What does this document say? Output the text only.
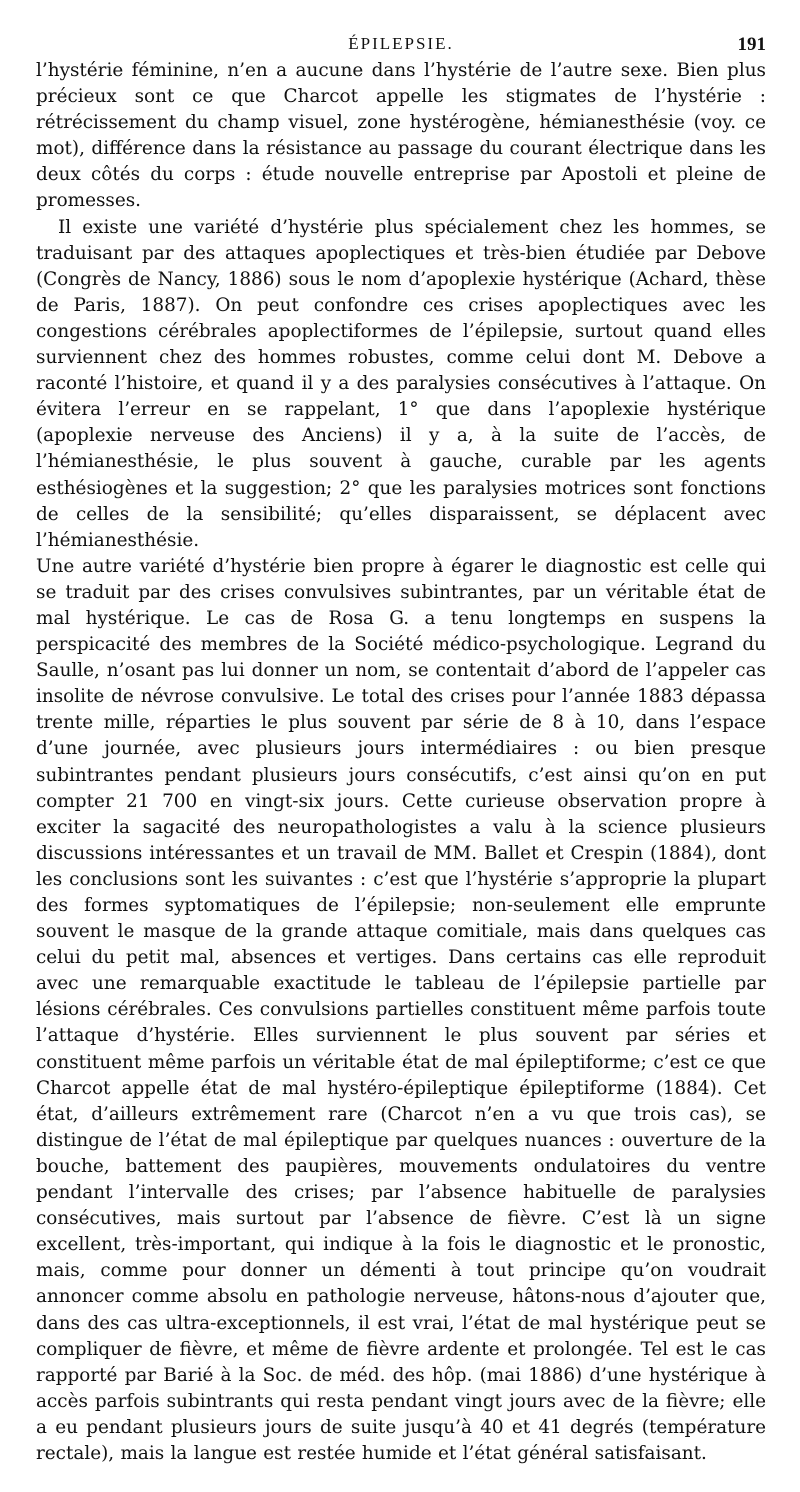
ÉPILEPSIE.	191

l’hystérie féminine, n’en a aucune dans l’hystérie de l’autre sexe. Bien plus précieux sont ce que Charcot appelle les stigmates de l’hystérie : rétrécissement du champ visuel, zone hystérogène, hémianesthésie (voy. ce mot), différence dans la résistance au passage du courant électrique dans les deux côtés du corps : étude nouvelle entreprise par Apostoli et pleine de promesses.

Il existe une variété d’hystérie plus spécialement chez les hommes, se traduisant par des attaques apoplectiques et très-bien étudiée par Debove (Congrès de Nancy, 1886) sous le nom d’apoplexie hystérique (Achard, thèse de Paris, 1887). On peut confondre ces crises apoplectiques avec les congestions cérébrales apoplectiformes de l’épilepsie, surtout quand elles surviennent chez des hommes robustes, comme celui dont M. Debove a raconté l’histoire, et quand il y a des paralysies consécutives à l’attaque. On évitera l’erreur en se rappelant, 1° que dans l’apoplexie hystérique (apoplexie nerveuse des Anciens) il y a, à la suite de l’accès, de l’hémianesthésie, le plus souvent à gauche, curable par les agents esthésiogènes et la suggestion; 2° que les paralysies motrices sont fonctions de celles de la sensibilité; qu’elles disparaissent, se déplacent avec l’hémianesthésie.

Une autre variété d’hystérie bien propre à égarer le diagnostic est celle qui se traduit par des crises convulsives subintrantes, par un véritable état de mal hystérique. Le cas de Rosa G. a tenu longtemps en suspens la perspicacité des membres de la Société médico-psychologique. Legrand du Saulle, n’osant pas lui donner un nom, se contentait d’abord de l’appeler cas insolite de névrose convulsive. Le total des crises pour l’année 1883 dépassa trente mille, réparties le plus souvent par série de 8 à 10, dans l’espace d’une journée, avec plusieurs jours intermédiaires : ou bien presque subintrantes pendant plusieurs jours consécutifs, c’est ainsi qu’on en put compter 21 700 en vingt-six jours. Cette curieuse observation propre à exciter la sagacité des neuropathologistes a valu à la science plusieurs discussions intéressantes et un travail de MM. Ballet et Crespin (1884), dont les conclusions sont les suivantes : c’est que l’hystérie s’approprie la plupart des formes syptomatiques de l’épilepsie; non-seulement elle emprunte souvent le masque de la grande attaque comitiale, mais dans quelques cas celui du petit mal, absences et vertiges. Dans certains cas elle reproduit avec une remarquable exactitude le tableau de l’épilepsie partielle par lésions cérébrales. Ces convulsions partielles constituent même parfois toute l’attaque d’hystérie. Elles surviennent le plus souvent par séries et constituent même parfois un véritable état de mal épileptiforme; c’est ce que Charcot appelle état de mal hystéro-épileptique épileptiforme (1884). Cet état, d’ailleurs extrêmement rare (Charcot n’en a vu que trois cas), se distingue de l’état de mal épileptique par quelques nuances : ouverture de la bouche, battement des paupières, mouvements ondulatoires du ventre pendant l’intervalle des crises; par l’absence habituelle de paralysies consécutives, mais surtout par l’absence de fièvre. C’est là un signe excellent, très-important, qui indique à la fois le diagnostic et le pronostic, mais, comme pour donner un démenti à tout principe qu’on voudrait annoncer comme absolu en pathologie nerveuse, hâtons-nous d’ajouter que, dans des cas ultra-exceptionnels, il est vrai, l’état de mal hystérique peut se compliquer de fièvre, et même de fièvre ardente et prolongée. Tel est le cas rapporté par Barié à la Soc. de méd. des hôp. (mai 1886) d’une hystérique à accès parfois subintrants qui resta pendant vingt jours avec de la fièvre; elle a eu pendant plusieurs jours de suite jusqu’à 40 et 41 degrés (température rectale), mais la langue est restée humide et l’état général satisfaisant.
